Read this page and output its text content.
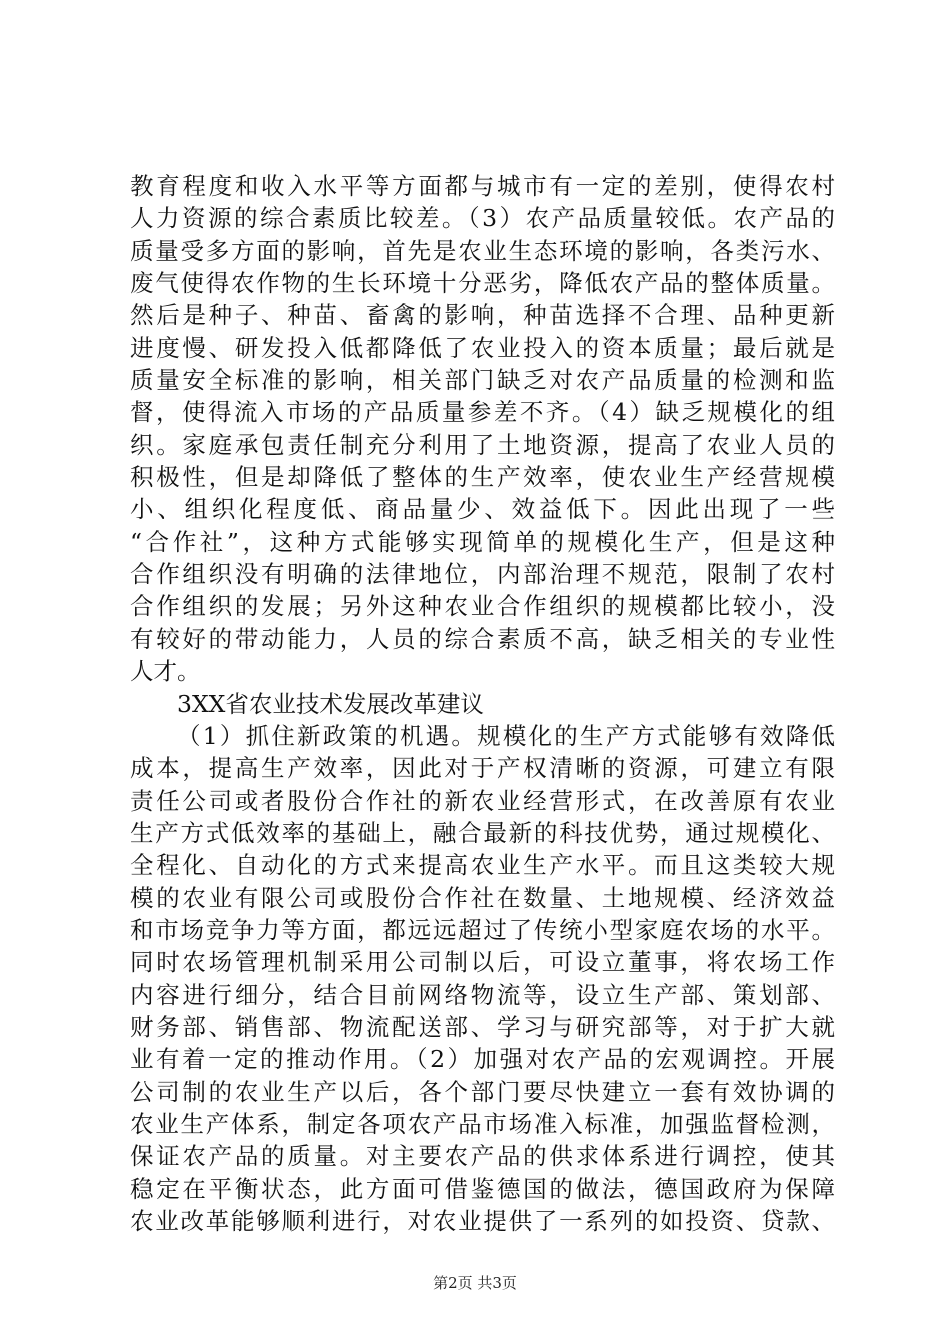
教育程度和收入水平等方面都与城市有一定的差别，使得农村
人力资源的综合素质比较差。（3）农产品质量较低。农产品的
质量受多方面的影响，首先是农业生态环境的影响，各类污水、
废气使得农作物的生长环境十分恶劣，降低农产品的整体质量。
然后是种子、种苗、畜禽的影响，种苗选择不合理、品种更新
进度慢、研发投入低都降低了农业投入的资本质量；最后就是
质量安全标准的影响，相关部门缺乏对农产品质量的检测和监
督，使得流入市场的产品质量参差不齐。（4）缺乏规模化的组
织。家庭承包责任制充分利用了土地资源，提高了农业人员的
积极性，但是却降低了整体的生产效率，使农业生产经营规模
小、组织化程度低、商品量少、效益低下。因此出现了一些
“合作社”，这种方式能够实现简单的规模化生产，但是这种
合作组织没有明确的法律地位，内部治理不规范，限制了农村
合作组织的发展；另外这种农业合作组织的规模都比较小，没
有较好的带动能力，人员的综合素质不高，缺乏相关的专业性
人才。
3XX省农业技术发展改革建议
（1）抓住新政策的机遇。规模化的生产方式能够有效降低
成本，提高生产效率，因此对于产权清晰的资源，可建立有限
责任公司或者股份合作社的新农业经营形式，在改善原有农业
生产方式低效率的基础上，融合最新的科技优势，通过规模化、
全程化、自动化的方式来提高农业生产水平。而且这类较大规
模的农业有限公司或股份合作社在数量、土地规模、经济效益
和市场竞争力等方面，都远远超过了传统小型家庭农场的水平。
同时农场管理机制采用公司制以后，可设立董事，将农场工作
内容进行细分，结合目前网络物流等，设立生产部、策划部、
财务部、销售部、物流配送部、学习与研究部等，对于扩大就
业有着一定的推动作用。（2）加强对农产品的宏观调控。开展
公司制的农业生产以后，各个部门要尽快建立一套有效协调的
农业生产体系，制定各项农产品市场准入标准，加强监督检测，
保证农产品的质量。对主要农产品的供求体系进行调控，使其
稳定在平衡状态，此方面可借鉴德国的做法，德国政府为保障
农业改革能够顺利进行，对农业提供了一系列的如投资、贷款、
第2页 共3页
